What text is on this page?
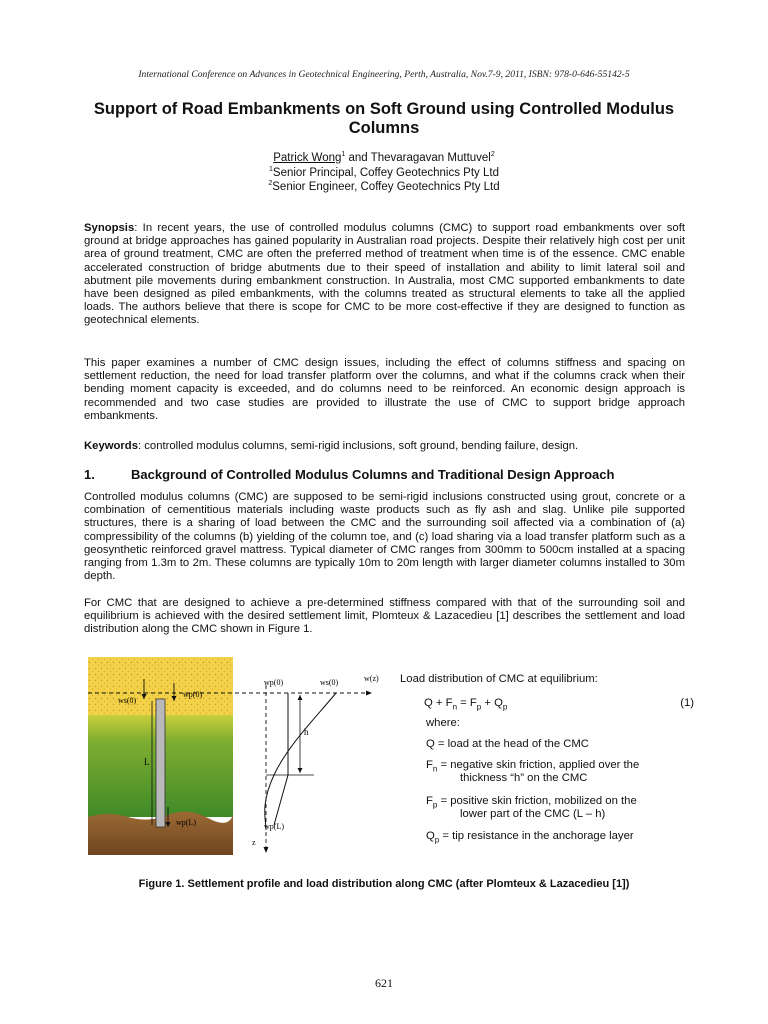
International Conference on Advances in Geotechnical Engineering, Perth, Australia, Nov.7-9, 2011, ISBN: 978-0-646-55142-5
Support of Road Embankments on Soft Ground using Controlled Modulus Columns
Patrick Wong$^1$ and Thevaragavan Muttuvel$^2$
$^1$Senior Principal, Coffey Geotechnics Pty Ltd
$^2$Senior Engineer, Coffey Geotechnics Pty Ltd

Synopsis: In recent years, the use of controlled modulus columns (CMC) to support road embankments over soft ground at bridge approaches has gained popularity in Australian road projects. Despite their relatively high cost per unit area of ground treatment, CMC are often the preferred method of treatment when time is of the essence. CMC enable accelerated construction of bridge abutments due to their speed of installation and ability to limit lateral soil and abutment pile movements during embankment construction. In Australia, most CMC supported embankments to date have been designed as piled embankments, with the columns treated as structural elements to take all the applied loads. The authors believe that there is scope for CMC to be more cost-effective if they are designed to function as geotechnical elements.

This paper examines a number of CMC design issues, including the effect of columns stiffness and spacing on settlement reduction, the need for load transfer platform over the columns, and what if the columns crack when their bending moment capacity is exceeded, and do columns need to be reinforced. An economic design approach is recommended and two case studies are provided to illustrate the use of CMC to support bridge approach embankments.

Keywords: controlled modulus columns, semi-rigid inclusions, soft ground, bending failure, design.

1.	Background of Controlled Modulus Columns and Traditional Design Approach

Controlled modulus columns (CMC) are supposed to be semi-rigid inclusions constructed using grout, concrete or a combination of cementitious materials including waste products such as fly ash and slag. Unlike pile supported structures, there is a sharing of load between the CMC and the surrounding soil affected via a combination of (a) compressibility of the columns (b) yielding of the column toe, and (c) load sharing via a load transfer platform such as a geosynthetic reinforced gravel mattress. Typical diameter of CMC ranges from 300mm to 500cm installed at a spacing ranging from 1.3m to 2m. These columns are typically 10m to 20m length with larger diameter columns installed to 30m depth.

For CMC that are designed to achieve a pre-determined stiffness compared with that of the surrounding soil and equilibrium is achieved with the desired settlement limit, Plomteux & Lazacedieu [1] describes the settlement and load distribution along the CMC shown in Figure 1.

ws(0)
wp(0)
L
wp(L)
z
w(z)
wp(0)	ws(0)
h
wp(L)
Load distribution of CMC at equilibrium:
$Q + F_n = F_p + Q_p$	(1)
where:
Q = load at the head of the CMC
$F_n$ = negative skin friction, applied over the
thickness “h” on the CMC
$F_p$ = positive skin friction, mobilized on the
lower part of the CMC (L – h)
$Q_p$ = tip resistance in the anchorage layer
Figure 1. Settlement profile and load distribution along CMC (after Plomteux & Lazacedieu [1])
621
